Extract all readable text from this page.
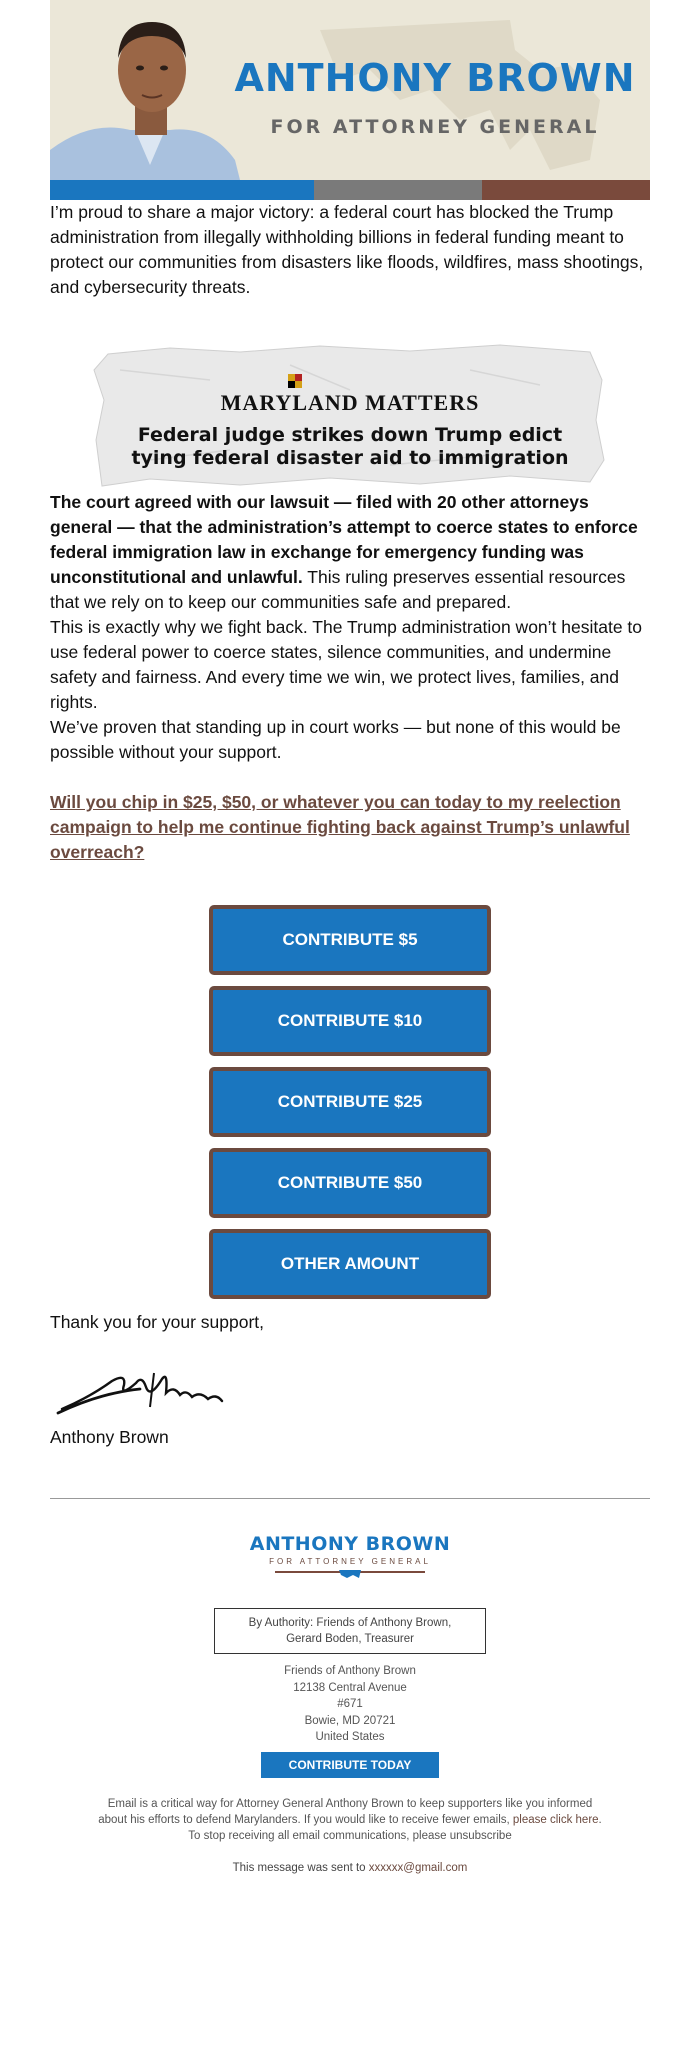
ANTHONY BROWN
FOR ATTORNEY GENERAL

I’m proud to share a major victory: a federal court has blocked the Trump administration from illegally withholding billions in federal funding meant to protect our communities from disasters like floods, wildfires, mass shootings, and cybersecurity threats.

MARYLAND MATTERS
Federal judge strikes down Trump edict
tying federal disaster aid to immigration

The court agreed with our lawsuit — filed with 20 other attorneys general — that the administration’s attempt to coerce states to enforce federal immigration law in exchange for emergency funding was unconstitutional and unlawful. This ruling preserves essential resources that we rely on to keep our communities safe and prepared.

This is exactly why we fight back. The Trump administration won’t hesitate to use federal power to coerce states, silence communities, and undermine safety and fairness. And every time we win, we protect lives, families, and rights.

We’ve proven that standing up in court works — but none of this would be possible without your support.

Will you chip in $25, $50, or whatever you can today to my reelection campaign to help me continue fighting back against Trump’s unlawful overreach?
CONTRIBUTE $5
CONTRIBUTE $10
CONTRIBUTE $25
CONTRIBUTE $50
OTHER AMOUNT

Thank you for your support,

Anthony Brown

ANTHONY BROWN
FOR ATTORNEY GENERAL
By Authority: Friends of Anthony Brown,
Gerard Boden, Treasurer
Friends of Anthony Brown
12138 Central Avenue
#671
Bowie, MD 20721
United States
CONTRIBUTE TODAY
Email is a critical way for Attorney General Anthony Brown to keep supporters like you informed
about his efforts to defend Marylanders. If you would like to receive fewer emails, please click here.
To stop receiving all email communications, please unsubscribe
This message was sent to xxxxxx@gmail.com
